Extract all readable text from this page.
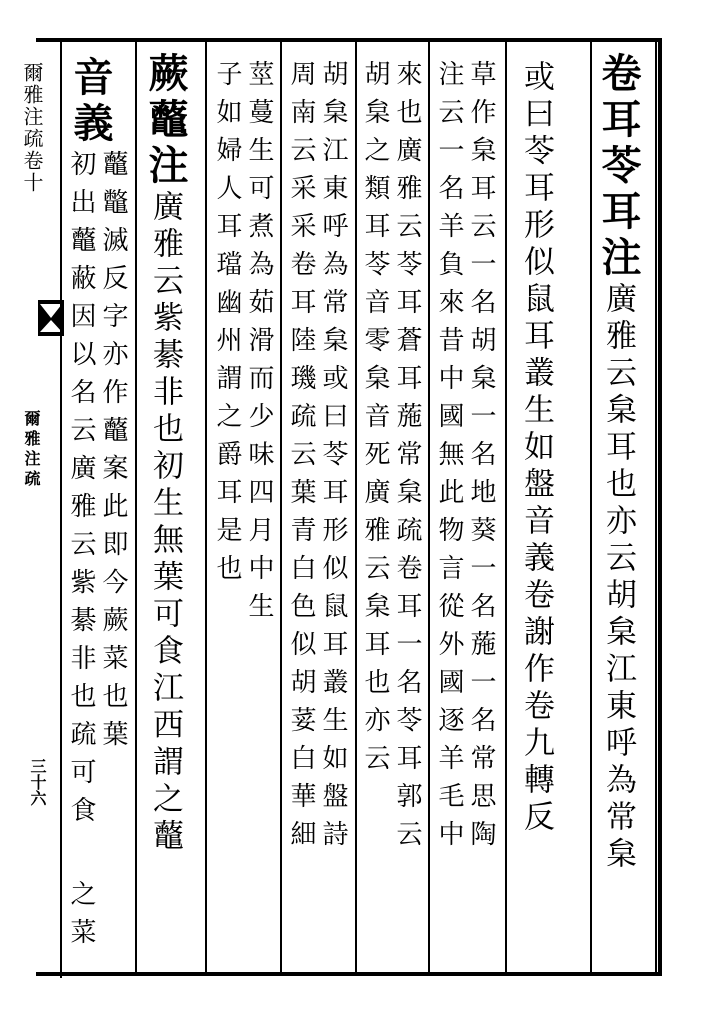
爾雅注疏卷十
爾雅注疏
三十六
卷耳苓耳注廣雅云枲耳也亦云胡枲江東呼為常枲
或曰苓耳形似鼠耳叢生如盤音義卷謝作卷九轉反
草作枲耳云一名胡枲一名地葵一名葹一名常思陶
注云一名羊負來昔中國無此物言從外國逐羊毛中
來也廣雅云苓耳蒼耳葹常枲疏卷耳一名苓耳郭云
胡枲之類耳苓音零枲音死廣雅云枲耳也亦云
胡枲江東呼為常枲或曰苓耳形似鼠耳叢生如盤詩
周南云采采卷耳陸璣疏云葉青白色似胡荽白華細
莖蔓生可煮為茹滑而少味四月中生
子如婦人耳璫幽州謂之爵耳是也
蕨虌注廣雅云紫綦非也初生無葉可食江西謂之虌
虌鼈滅反字亦作虌案此即今蕨菜也葉
初出虌蔽因以名云廣雅云紫綦非也疏可食
音義
之菜
